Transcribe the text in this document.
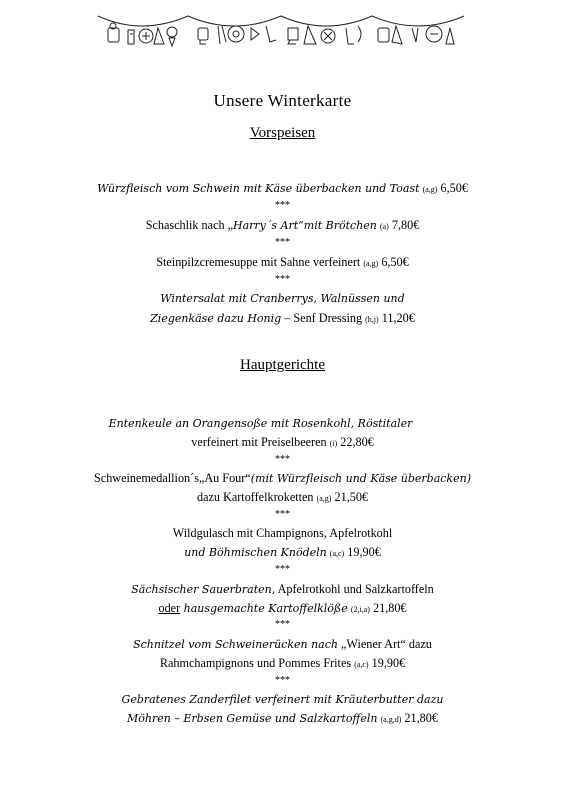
Unsere Winterkarte
Vorspeisen
Würzfleisch vom Schwein mit Käse überbacken und Toast (a,g) 6,50€
***
Schaschlik nach „Harry´s Art“mit Brötchen (a) 7,80€
***
Steinpilzcremesuppe mit Sahne verfeinert (a,g) 6,50€
***
Wintersalat mit Cranberrys, Walnüssen und
Ziegenkäse dazu Honig – Senf Dressing (h,j) 11,20€
Hauptgerichte
Entenkeule an Orangensoße mit Rosenkohl, Röstitaler
verfeinert mit Preiselbeeren (i) 22,80€
***
Schweinemedallion´s„Au Four“(mit Würzfleisch und Käse überbacken)
dazu Kartoffelkroketten (a,g) 21,50€
***
Wildgulasch mit Champignons, Apfelrotkohl
und Böhmischen Knödeln (a,c) 19,90€
***
Sächsischer Sauerbraten, Apfelrotkohl und Salzkartoffeln
oder hausgemachte Kartoffelklöße (2,i,a) 21,80€
***
Schnitzel vom Schweinerücken nach „Wiener Art“ dazu
Rahmchampignons und Pommes Frites (a,c) 19,90€
***
Gebratenes Zanderfilet verfeinert mit Kräuterbutter dazu
Möhren – Erbsen Gemüse und Salzkartoffeln (a,g,d) 21,80€
